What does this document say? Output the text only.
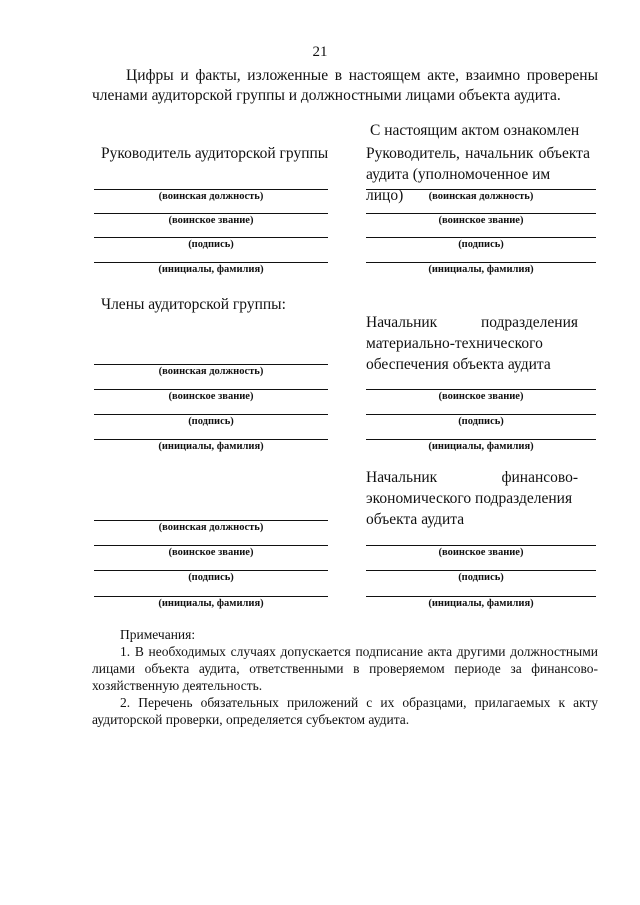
21
Цифры и факты, изложенные в настоящем акте, взаимно проверены
членами аудиторской группы и должностными лицами объекта аудита.
С настоящим актом ознакомлен
Руководитель аудиторской группы Руководитель, начальник объекта
аудита (уполномоченное им лицо)
(воинская должность)
(воинское звание)
(подпись)
(инициалы, фамилия)
(воинская должность)
(воинское звание)
(подпись)
(инициалы, фамилия)
Члены аудиторской группы:
Начальник подразделения
материально-технического
обеспечения объекта аудита
(воинская должность)
(воинское звание)
(подпись)
(инициалы, фамилия)
(воинское звание)
(подпись)
(инициалы, фамилия)
Начальник финансово-
экономического подразделения
объекта аудита
(воинская должность)
(воинское звание)
(подпись)
(инициалы, фамилия)
(воинское звание)
(подпись)
(инициалы, фамилия)

Примечания:

1. В необходимых случаях допускается подписание акта другими должностными лицами объекта аудита, ответственными в проверяемом периоде за финансово-хозяйственную деятельность.

2. Перечень обязательных приложений с их образцами, прилагаемых к акту аудиторской проверки, определяется субъектом аудита.
